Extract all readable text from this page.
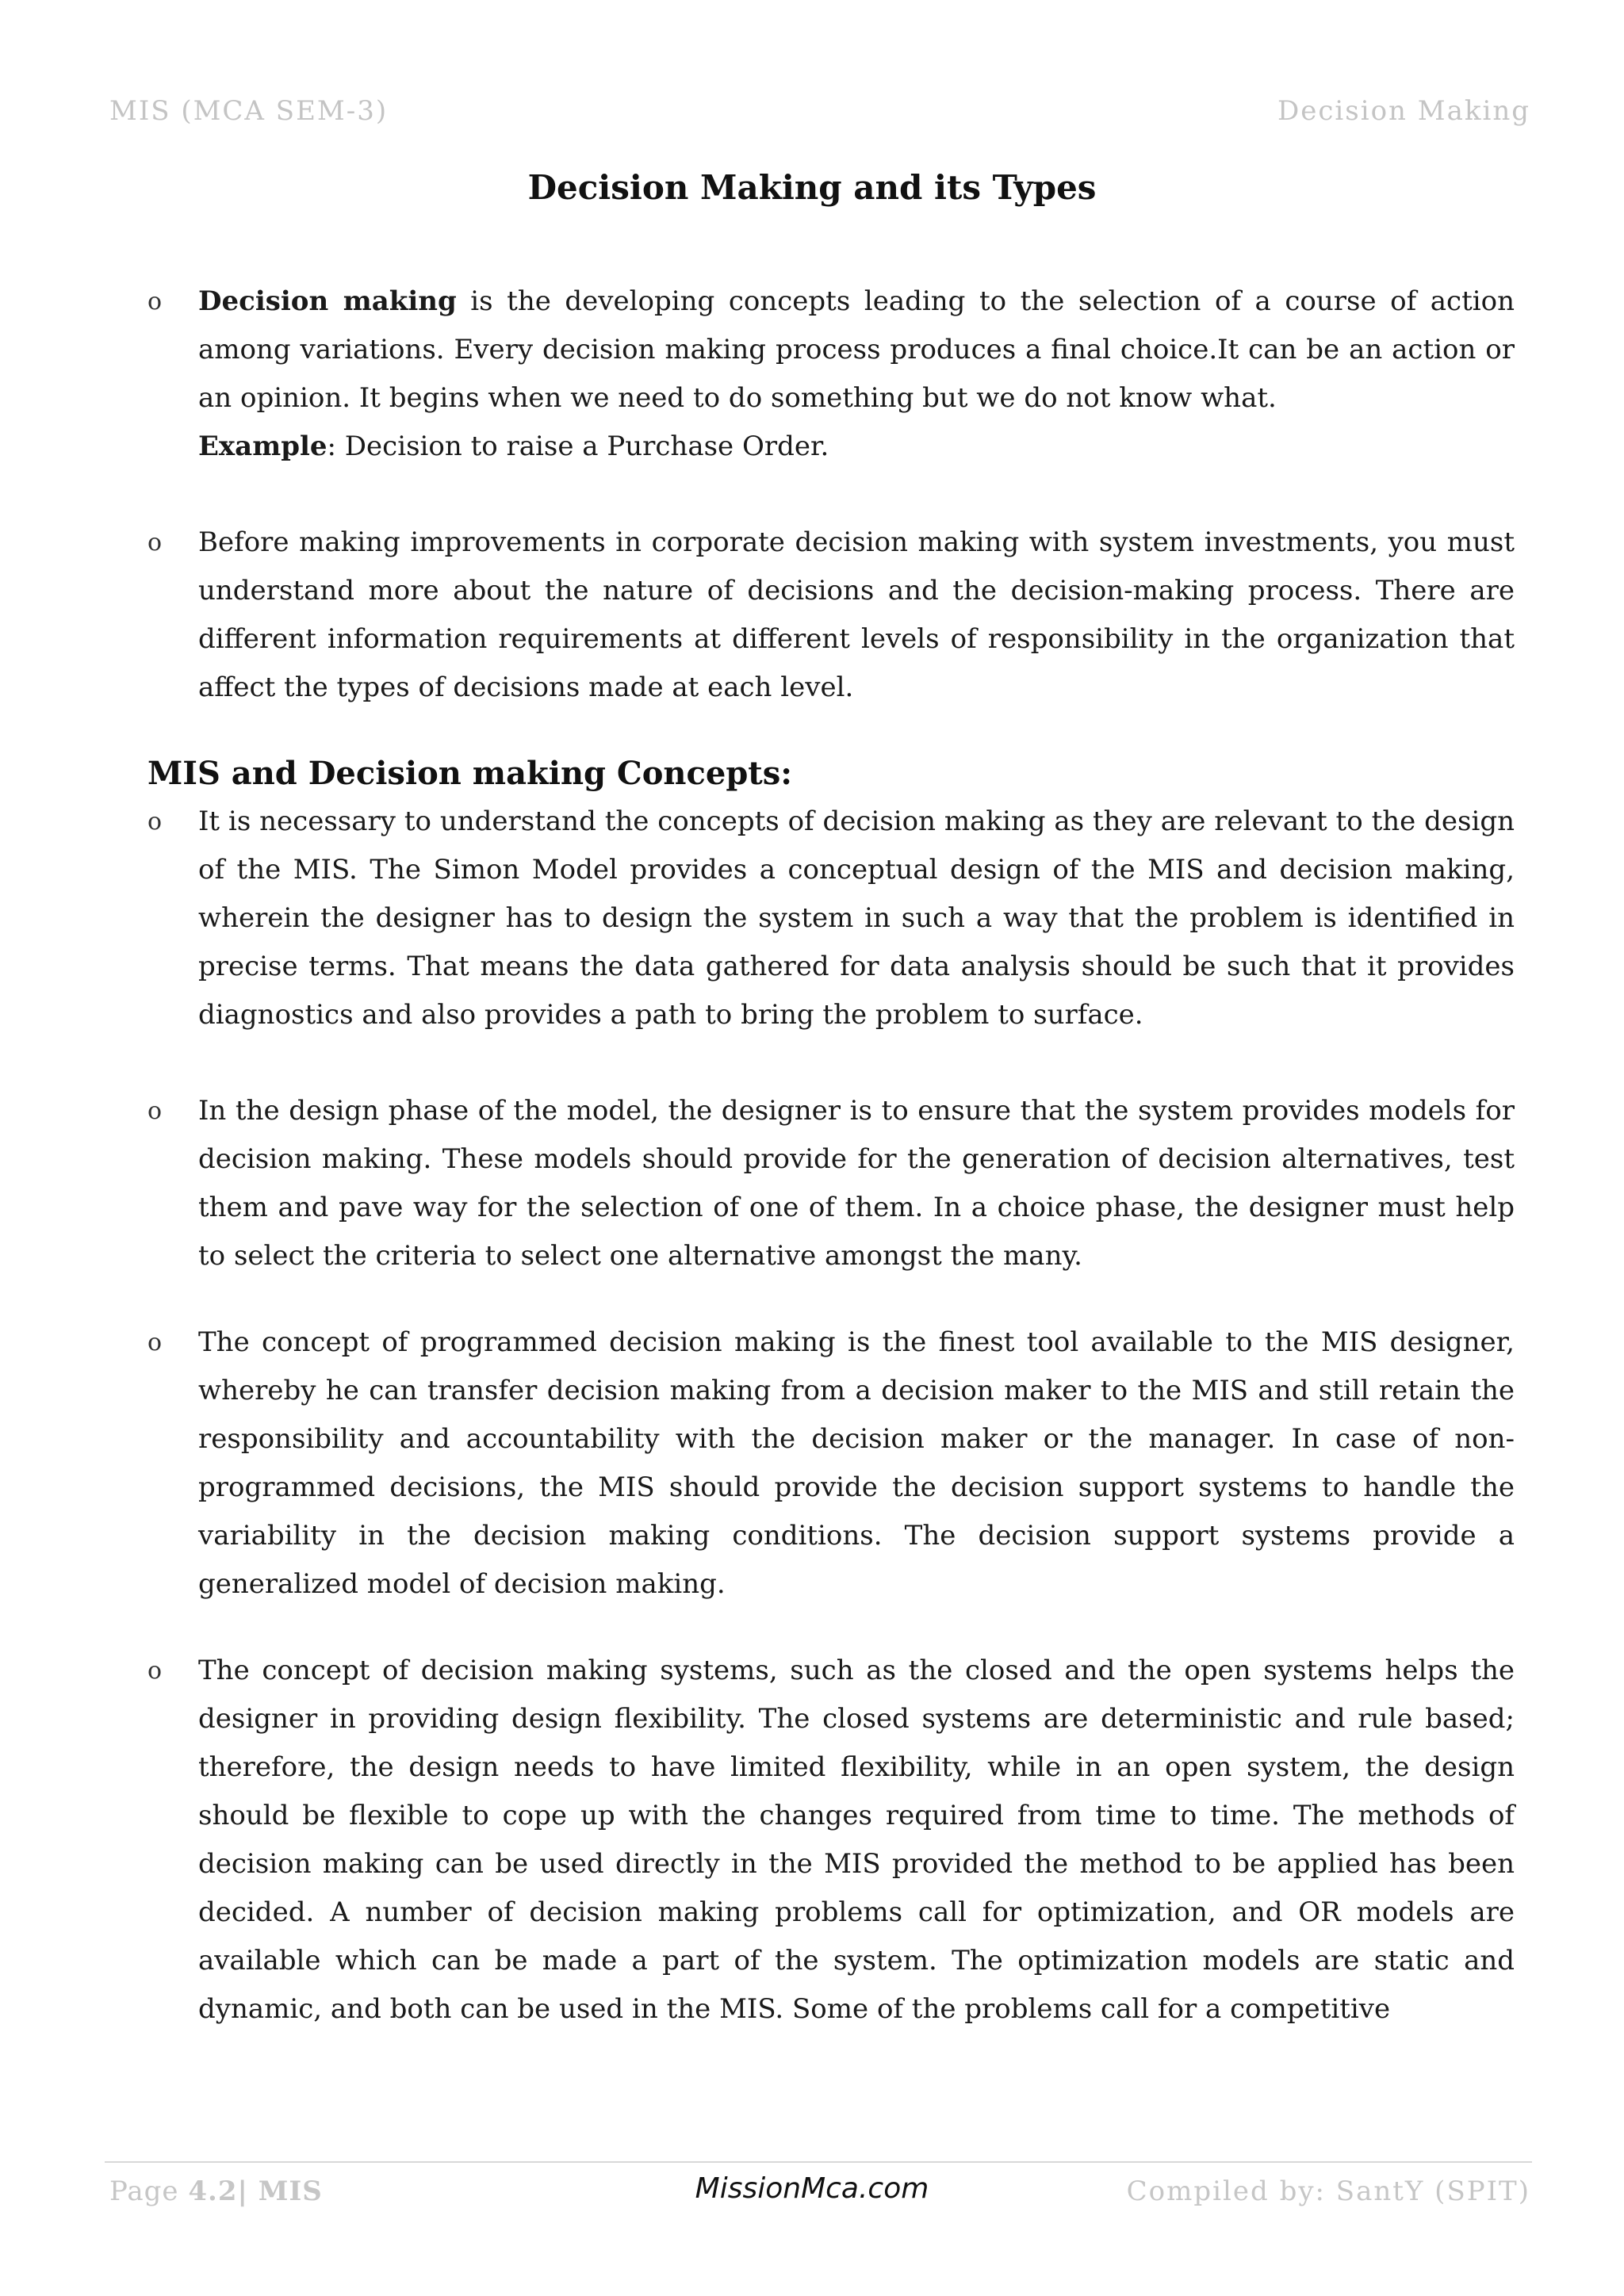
MIS (MCA SEM-3)	Decision Making
Decision Making and its Types

o Decision making is the developing concepts leading to the selection of a course of action among variations. Every decision making process produces a final choice.It can be an action or an opinion. It begins when we need to do something but we do not know what.
Example: Decision to raise a Purchase Order.

o Before making improvements in corporate decision making with system investments, you must understand more about the nature of decisions and the decision-making process. There are different information requirements at different levels of responsibility in the organization that affect the types of decisions made at each level.

MIS and Decision making Concepts:

o It is necessary to understand the concepts of decision making as they are relevant to the design of the MIS. The Simon Model provides a conceptual design of the MIS and decision making, wherein the designer has to design the system in such a way that the problem is identified in precise terms. That means the data gathered for data analysis should be such that it provides diagnostics and also provides a path to bring the problem to surface.

o In the design phase of the model, the designer is to ensure that the system provides models for decision making. These models should provide for the generation of decision alternatives, test them and pave way for the selection of one of them. In a choice phase, the designer must help to select the criteria to select one alternative amongst the many.

o The concept of programmed decision making is the finest tool available to the MIS designer, whereby he can transfer decision making from a decision maker to the MIS and still retain the responsibility and accountability with the decision maker or the manager. In case of non-programmed decisions, the MIS should provide the decision support systems to handle the variability in the decision making conditions. The decision support systems provide a generalized model of decision making.

o The concept of decision making systems, such as the closed and the open systems helps the designer in providing design flexibility. The closed systems are deterministic and rule based; therefore, the design needs to have limited flexibility, while in an open system, the design should be flexible to cope up with the changes required from time to time. The methods of decision making can be used directly in the MIS provided the method to be applied has been decided. A number of decision making problems call for optimization, and OR models are available which can be made a part of the system. The optimization models are static and dynamic, and both can be used in the MIS. Some of the problems call for a competitive

Page 4.2| MIS	MissionMca.com	Compiled by: SantY (SPIT)
